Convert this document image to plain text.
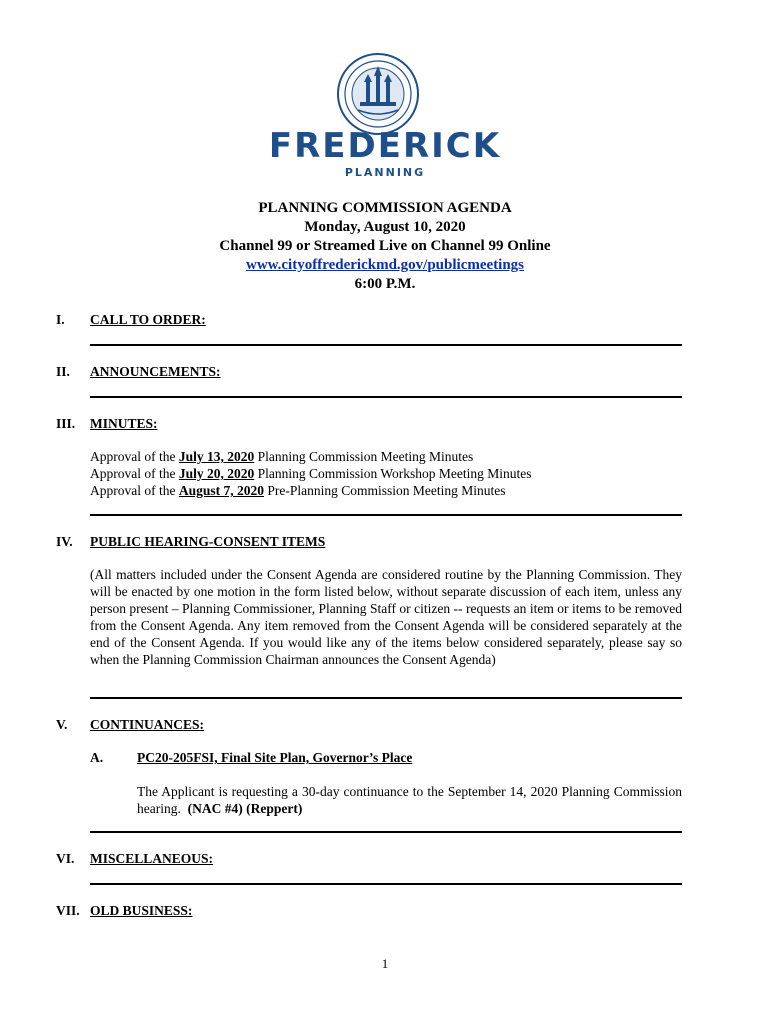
FREDERICK
PLANNING
PLANNING COMMISSION AGENDA
Monday, August 10, 2020
Channel 99 or Streamed Live on Channel 99 Online
www.cityoffrederickmd.gov/publicmeetings
6:00 P.M.
I. CALL TO ORDER:
II. ANNOUNCEMENTS:
III. MINUTES:
Approval of the July 13, 2020 Planning Commission Meeting Minutes
Approval of the July 20, 2020 Planning Commission Workshop Meeting Minutes
Approval of the August 7, 2020 Pre-Planning Commission Meeting Minutes
IV. PUBLIC HEARING-CONSENT ITEMS
(All matters included under the Consent Agenda are considered routine by the Planning Commission. They will be enacted by one motion in the form listed below, without separate discussion of each item, unless any person present – Planning Commissioner, Planning Staff or citizen -- requests an item or items to be removed from the Consent Agenda. Any item removed from the Consent Agenda will be considered separately at the end of the Consent Agenda. If you would like any of the items below considered separately, please say so when the Planning Commission Chairman announces the Consent Agenda)
V. CONTINUANCES:
A.	PC20-205FSI, Final Site Plan, Governor’s Place
The Applicant is requesting a 30-day continuance to the September 14, 2020 Planning Commission hearing. (NAC #4) (Reppert)
VI. MISCELLANEOUS:
VII. OLD BUSINESS:
1
